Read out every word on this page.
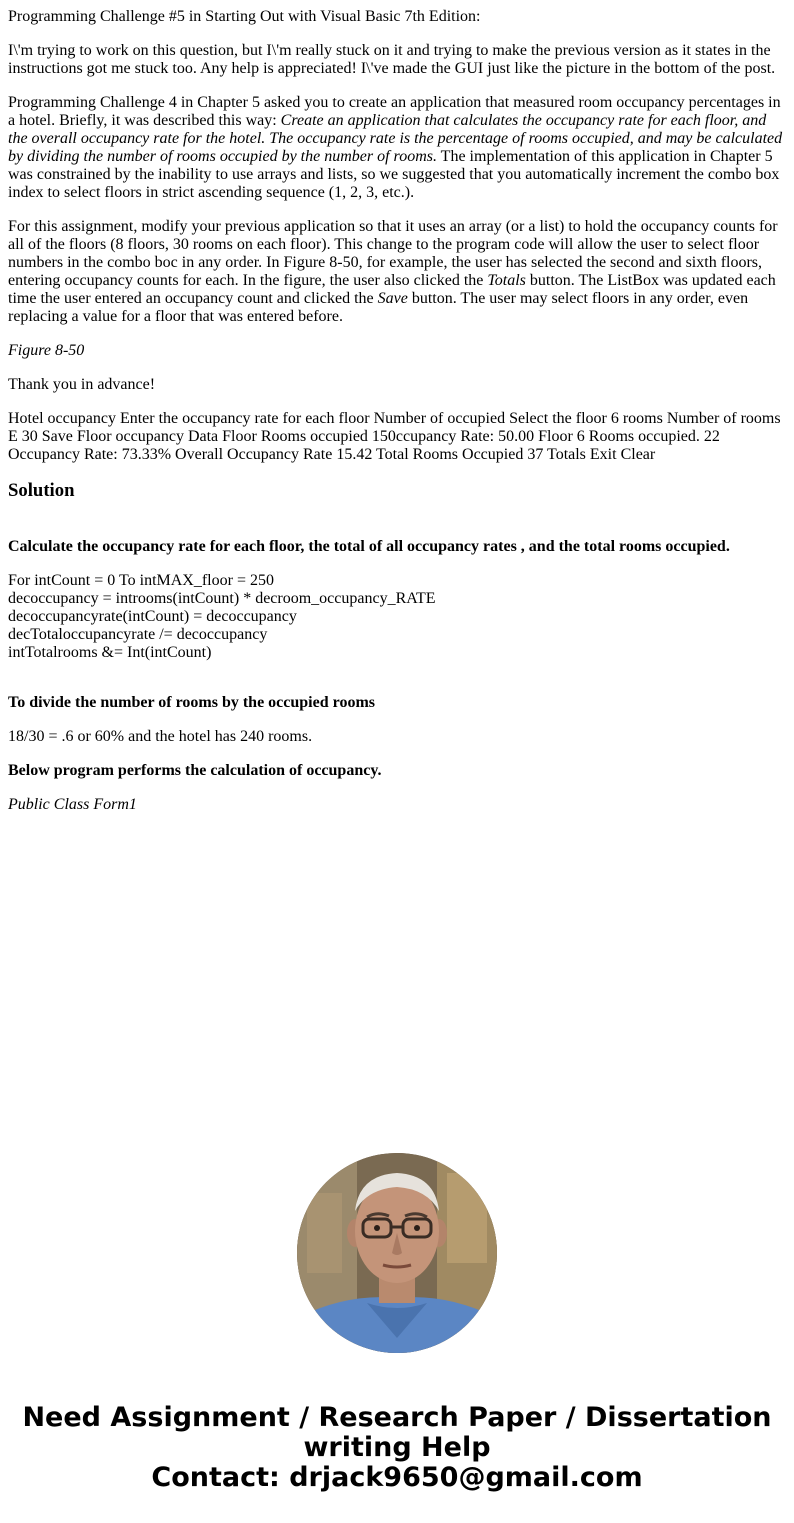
Programming Challenge #5 in Starting Out with Visual Basic 7th Edition:

I\'m trying to work on this question, but I\'m really stuck on it and trying to make the previous version as it states in the instructions got me stuck too. Any help is appreciated! I\'ve made the GUI just like the picture in the bottom of the post.

Programming Challenge 4 in Chapter 5 asked you to create an application that measured room occupancy percentages in a hotel. Briefly, it was described this way: Create an application that calculates the occupancy rate for each floor, and the overall occupancy rate for the hotel. The occupancy rate is the percentage of rooms occupied, and may be calculated by dividing the number of rooms occupied by the number of rooms. The implementation of this application in Chapter 5 was constrained by the inability to use arrays and lists, so we suggested that you automatically increment the combo box index to select floors in strict ascending sequence (1, 2, 3, etc.).

For this assignment, modify your previous application so that it uses an array (or a list) to hold the occupancy counts for all of the floors (8 floors, 30 rooms on each floor). This change to the program code will allow the user to select floor numbers in the combo boc in any order. In Figure 8-50, for example, the user has selected the second and sixth floors, entering occupancy counts for each. In the figure, the user also clicked the Totals button. The ListBox was updated each time the user entered an occupancy count and clicked the Save button. The user may select floors in any order, even replacing a value for a floor that was entered before.

Figure 8-50

Thank you in advance!

Hotel occupancy Enter the occupancy rate for each floor Number of occupied Select the floor 6 rooms Number of rooms E 30 Save Floor occupancy Data Floor Rooms occupied 150ccupancy Rate: 50.00 Floor 6 Rooms occupied. 22 Occupancy Rate: 73.33% Overall Occupancy Rate 15.42 Total Rooms Occupied 37 Totals Exit Clear

Solution

Calculate the occupancy rate for each floor, the total of all occupancy rates , and the total rooms occupied.

For intCount = 0 To intMAX_floor = 250
decoccupancy = introoms(intCount) * decroom_occupancy_RATE
decoccupancyrate(intCount) = decoccupancy
decTotaloccupancyrate /= decoccupancy
intTotalrooms &= Int(intCount)

To divide the number of rooms by the occupied rooms

18/30 = .6 or 60% and the hotel has 240 rooms.

Below program performs the calculation of occupancy.

Public Class Form1

Need Assignment / Research Paper / Dissertation
writing Help
Contact: drjack9650@gmail.com
